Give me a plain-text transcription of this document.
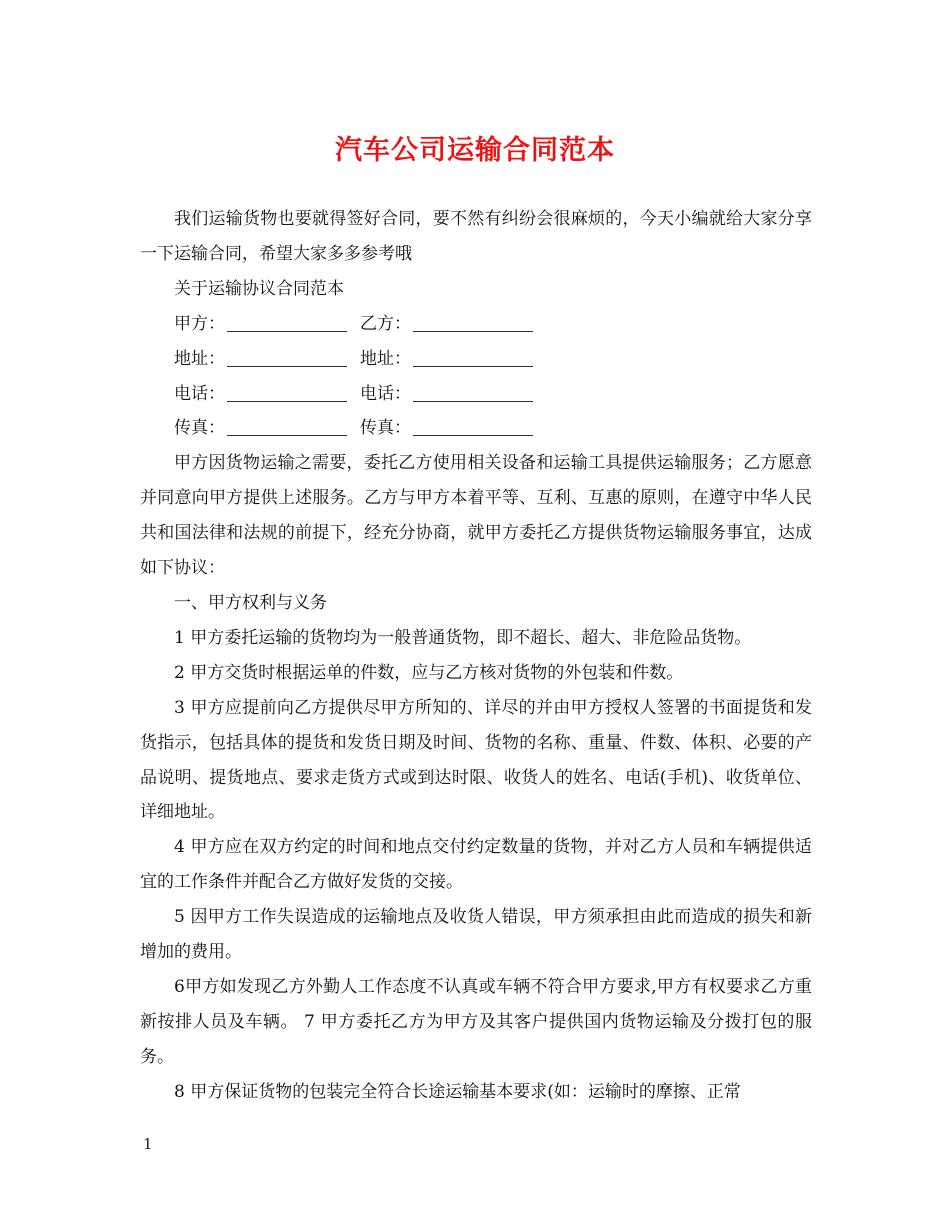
汽车公司运输合同范本

我们运输货物也要就得签好合同，要不然有纠纷会很麻烦的，今天小编就给大家分享一下运输合同，希望大家多多参考哦

关于运输协议合同范本

甲方：	乙方：
地址：	地址：
电话：	电话：
传真：	传真：

甲方因货物运输之需要，委托乙方使用相关设备和运输工具提供运输服务；乙方愿意并同意向甲方提供上述服务。乙方与甲方本着平等、互利、互惠的原则，在遵守中华人民共和国法律和法规的前提下，经充分协商，就甲方委托乙方提供货物运输服务事宜，达成如下协议：

一、甲方权利与义务

1 甲方委托运输的货物均为一般普通货物，即不超长、超大、非危险品货物。

2 甲方交货时根据运单的件数，应与乙方核对货物的外包装和件数。

3 甲方应提前向乙方提供尽甲方所知的、详尽的并由甲方授权人签署的书面提货和发货指示，包括具体的提货和发货日期及时间、货物的名称、重量、件数、体积、必要的产品说明、提货地点、要求走货方式或到达时限、收货人的姓名、电话(手机)、收货单位、详细地址。

4 甲方应在双方约定的时间和地点交付约定数量的货物，并对乙方人员和车辆提供适宜的工作条件并配合乙方做好发货的交接。

5 因甲方工作失误造成的运输地点及收货人错误，甲方须承担由此而造成的损失和新增加的费用。

6甲方如发现乙方外勤人工作态度不认真或车辆不符合甲方要求,甲方有权要求乙方重新按排人员及车辆。 7 甲方委托乙方为甲方及其客户提供国内货物运输及分拨打包的服务。

8 甲方保证货物的包装完全符合长途运输基本要求(如：运输时的摩擦、正常

1
